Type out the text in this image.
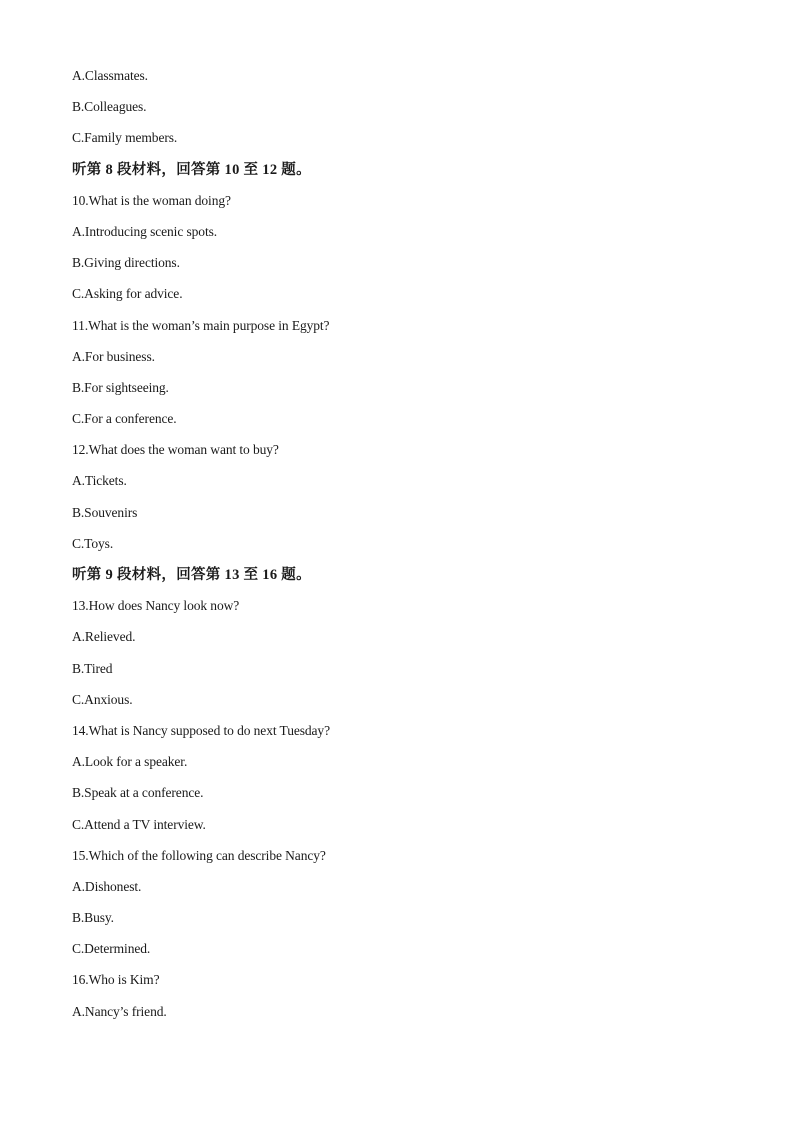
A.Classmates.
B.Colleagues.
C.Family members.
听第 8 段材料，回答第 10 至 12 题。
10.What is the woman doing?
A.Introducing scenic spots.
B.Giving directions.
C.Asking for advice.
11.What is the woman’s main purpose in Egypt?
A.For business.
B.For sightseeing.
C.For a conference.
12.What does the woman want to buy?
A.Tickets.
B.Souvenirs
C.Toys.
听第 9 段材料，回答第 13 至 16 题。
13.How does Nancy look now?
A.Relieved.
B.Tired
C.Anxious.
14.What is Nancy supposed to do next Tuesday?
A.Look for a speaker.
B.Speak at a conference.
C.Attend a TV interview.
15.Which of the following can describe Nancy?
A.Dishonest.
B.Busy.
C.Determined.
16.Who is Kim?
A.Nancy’s friend.
